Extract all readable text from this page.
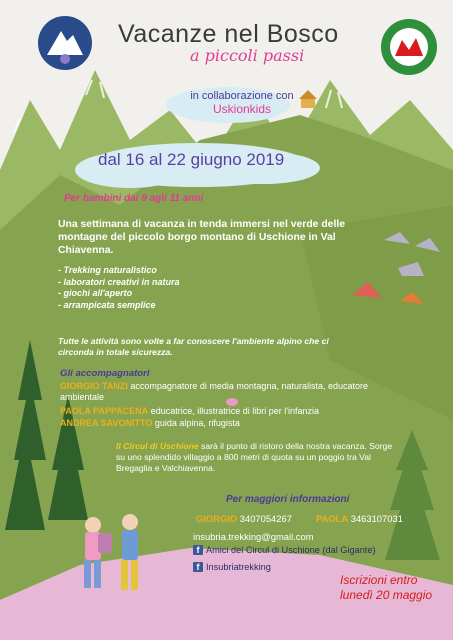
Vacanze nel Bosco
a piccoli passi
in collaborazione con
Uskionkids
dal 16 al 22 giugno 2019
Per bambini dai 9 agli 11 anni
Una settimana di vacanza in tenda immersi nel verde delle montagne del piccolo borgo montano di Uschione in Val Chiavenna.
- Trekking naturalistico
- laboratori creativi in natura
- giochi all'aperto
- arrampicata semplice
Tutte le attività sono volte a far conoscere l'ambiente alpino che ci circonda in totale sicurezza.
Gli accompagnatori
GIORGIO TANZI accompagnatore di media montagna, naturalista, educatore ambientale
PAOLA PAPPACENA educatrice, illustratrice di libri per l'infanzia
ANDREA SAVONITTO guida alpina, rifugista
Il Circul di Uschione sarà il punto di ristoro della nostra vacanza. Sorge su uno splendido villaggio a 800 metri di quota su un poggio tra Val Bregaglia e Valchiavenna.
Per maggiori informazioni
GIORGIO 3407054267	PAOLA 3463107031
insubria.trekking@gmail.com
f Amici del Circul di Uschione (dal Gigante)
f Insubriatrekking
Iscrizioni entro
lunedì 20 maggio
